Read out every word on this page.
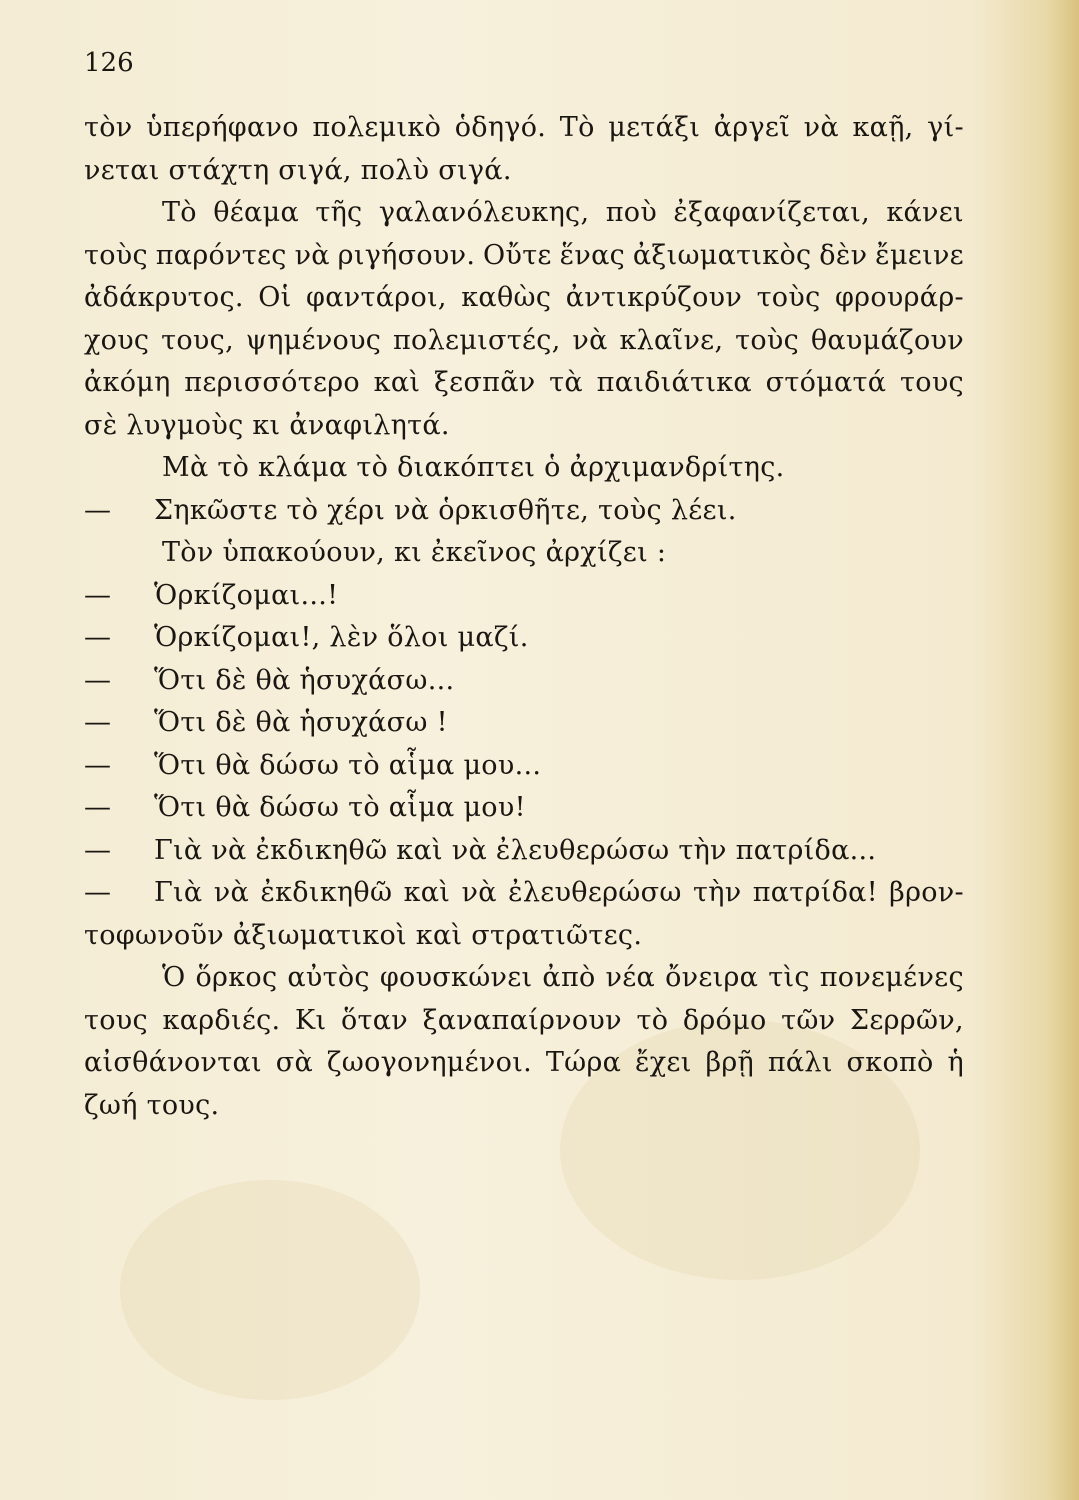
126
τὸν ὑπερήφανο πολεμικὸ ὁδηγό. Τὸ μετάξι ἀργεῖ νὰ καῇ, γί-
νεται στάχτη σιγά, πολὺ σιγά.
Τὸ θέαμα τῆς γαλανόλευκης, ποὺ ἐξαφανίζεται, κάνει
τοὺς παρόντες νὰ ριγήσουν. Οὔτε ἕνας ἀξιωματικὸς δὲν ἔμεινε
ἀδάκρυτος. Οἱ φαντάροι, καθὼς ἀντικρύζουν τοὺς φρουράρ-
χους τους, ψημένους πολεμιστές, νὰ κλαῖνε, τοὺς θαυμάζουν
ἀκόμη περισσότερο καὶ ξεσπᾶν τὰ παιδιάτικα στόματά τους
σὲ λυγμοὺς κι ἀναφιλητά.
Μὰ τὸ κλάμα τὸ διακόπτει ὁ ἀρχιμανδρίτης.
— Σηκῶστε τὸ χέρι νὰ ὁρκισθῆτε, τοὺς λέει.
Τὸν ὑπακούουν, κι ἐκεῖνος ἀρχίζει :
— Ὁρκίζομαι...!
— Ὁρκίζομαι!, λὲν ὅλοι μαζί.
— Ὅτι δὲ θὰ ἡσυχάσω...
— Ὅτι δὲ θὰ ἡσυχάσω !
— Ὅτι θὰ δώσω τὸ αἷμα μου...
— Ὅτι θὰ δώσω τὸ αἷμα μου!
— Γιὰ νὰ ἐκδικηθῶ καὶ νὰ ἐλευθερώσω τὴν πατρίδα...
— Γιὰ νὰ ἐκδικηθῶ καὶ νὰ ἐλευθερώσω τὴν πατρίδα! βρον-
τοφωνοῦν ἀξιωματικοὶ καὶ στρατιῶτες.
Ὁ ὅρκος αὐτὸς φουσκώνει ἀπὸ νέα ὄνειρα τὶς πονεμένες
τους καρδιές. Κι ὅταν ξαναπαίρνουν τὸ δρόμο τῶν Σερρῶν,
αἰσθάνονται σὰ ζωογονημένοι. Τώρα ἔχει βρῇ πάλι σκοπὸ ἡ
ζωή τους.
